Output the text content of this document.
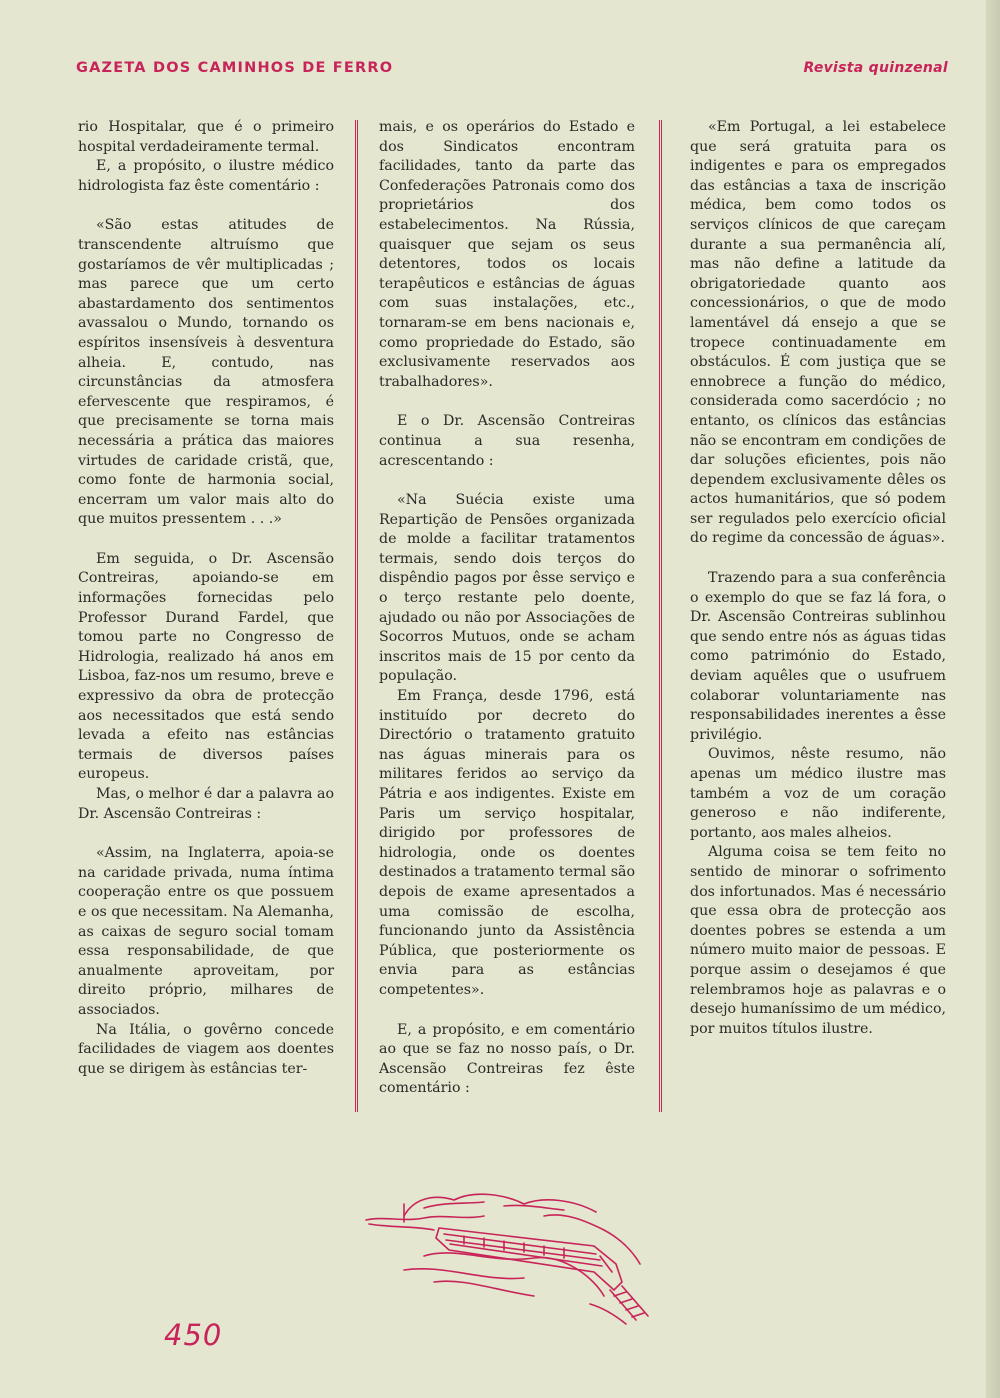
GAZETA DOS CAMINHOS DE FERRO	Revista quinzenal

rio Hospitalar, que é o primeiro hospital verdadeiramente termal.

E, a propósito, o ilustre médico hidrologista faz êste comentário :

«São estas atitudes de transcendente altruísmo que gostaríamos de vêr multiplicadas ; mas parece que um certo abastardamento dos sentimentos avassalou o Mundo, tornando os espíritos insensíveis à desventura alheia. E, contudo, nas circunstâncias da atmosfera efervescente que respiramos, é que precisamente se torna mais necessária a prática das maiores virtudes de caridade cristã, que, como fonte de harmonia social, encerram um valor mais alto do que muitos pressentem . . .»

Em seguida, o Dr. Ascensão Contreiras, apoiando-se em informações fornecidas pelo Professor Durand Fardel, que tomou parte no Congresso de Hidrologia, realizado há anos em Lisboa, faz-nos um resumo, breve e expressivo da obra de protecção aos necessitados que está sendo levada a efeito nas estâncias termais de diversos países europeus.

Mas, o melhor é dar a palavra ao Dr. Ascensão Contreiras :

«Assim, na Inglaterra, apoia-se na caridade privada, numa íntima cooperação entre os que possuem e os que necessitam. Na Alemanha, as caixas de seguro social tomam essa responsabilidade, de que anualmente aproveitam, por direito próprio, milhares de associados.

Na Itália, o govêrno concede facilidades de viagem aos doentes que se dirigem às estâncias ter-

mais, e os operários do Estado e dos Sindicatos encontram facilidades, tanto da parte das Confederações Patronais como dos proprietários dos estabelecimentos. Na Rússia, quaisquer que sejam os seus detentores, todos os locais terapêuticos e estâncias de águas com suas instalações, etc., tornaram-se em bens nacionais e, como propriedade do Estado, são exclusivamente reservados aos trabalhadores».

E o Dr. Ascensão Contreiras continua a sua resenha, acrescentando :

«Na Suécia existe uma Repartição de Pensões organizada de molde a facilitar tratamentos termais, sendo dois terços do dispêndio pagos por êsse serviço e o terço restante pelo doente, ajudado ou não por Associações de Socorros Mutuos, onde se acham inscritos mais de 15 por cento da população.

Em França, desde 1796, está instituído por decreto do Directório o tratamento gratuito nas águas minerais para os militares feridos ao serviço da Pátria e aos indigentes. Existe em Paris um serviço hospitalar, dirigido por professores de hidrologia, onde os doentes destinados a tratamento termal são depois de exame apresentados a uma comissão de escolha, funcionando junto da Assistência Pública, que posteriormente os envia para as estâncias competentes».

E, a propósito, e em comentário ao que se faz no nosso país, o Dr. Ascensão Contreiras fez êste comentário :

«Em Portugal, a lei estabelece que será gratuita para os indigentes e para os empregados das estâncias a taxa de inscrição médica, bem como todos os serviços clínicos de que careçam durante a sua permanência alí, mas não define a latitude da obrigatoriedade quanto aos concessionários, o que de modo lamentável dá ensejo a que se tropece continuadamente em obstáculos. É com justiça que se ennobrece a função do médico, considerada como sacerdócio ; no entanto, os clínicos das estâncias não se encontram em condições de dar soluções eficientes, pois não dependem exclusivamente dêles os actos humanitários, que só podem ser regulados pelo exercício oficial do regime da concessão de águas».

Trazendo para a sua conferência o exemplo do que se faz lá fora, o Dr. Ascensão Contreiras sublinhou que sendo entre nós as águas tidas como património do Estado, deviam aquêles que o usufruem colaborar voluntariamente nas responsabilidades inerentes a êsse privilégio.

Ouvimos, nêste resumo, não apenas um médico ilustre mas também a voz de um coração generoso e não indiferente, portanto, aos males alheios.

Alguma coisa se tem feito no sentido de minorar o sofrimento dos infortunados. Mas é necessário que essa obra de protecção aos doentes pobres se estenda a um número muito maior de pessoas. E porque assim o desejamos é que relembramos hoje as palavras e o desejo humaníssimo de um médico, por muitos títulos ilustre.

450
